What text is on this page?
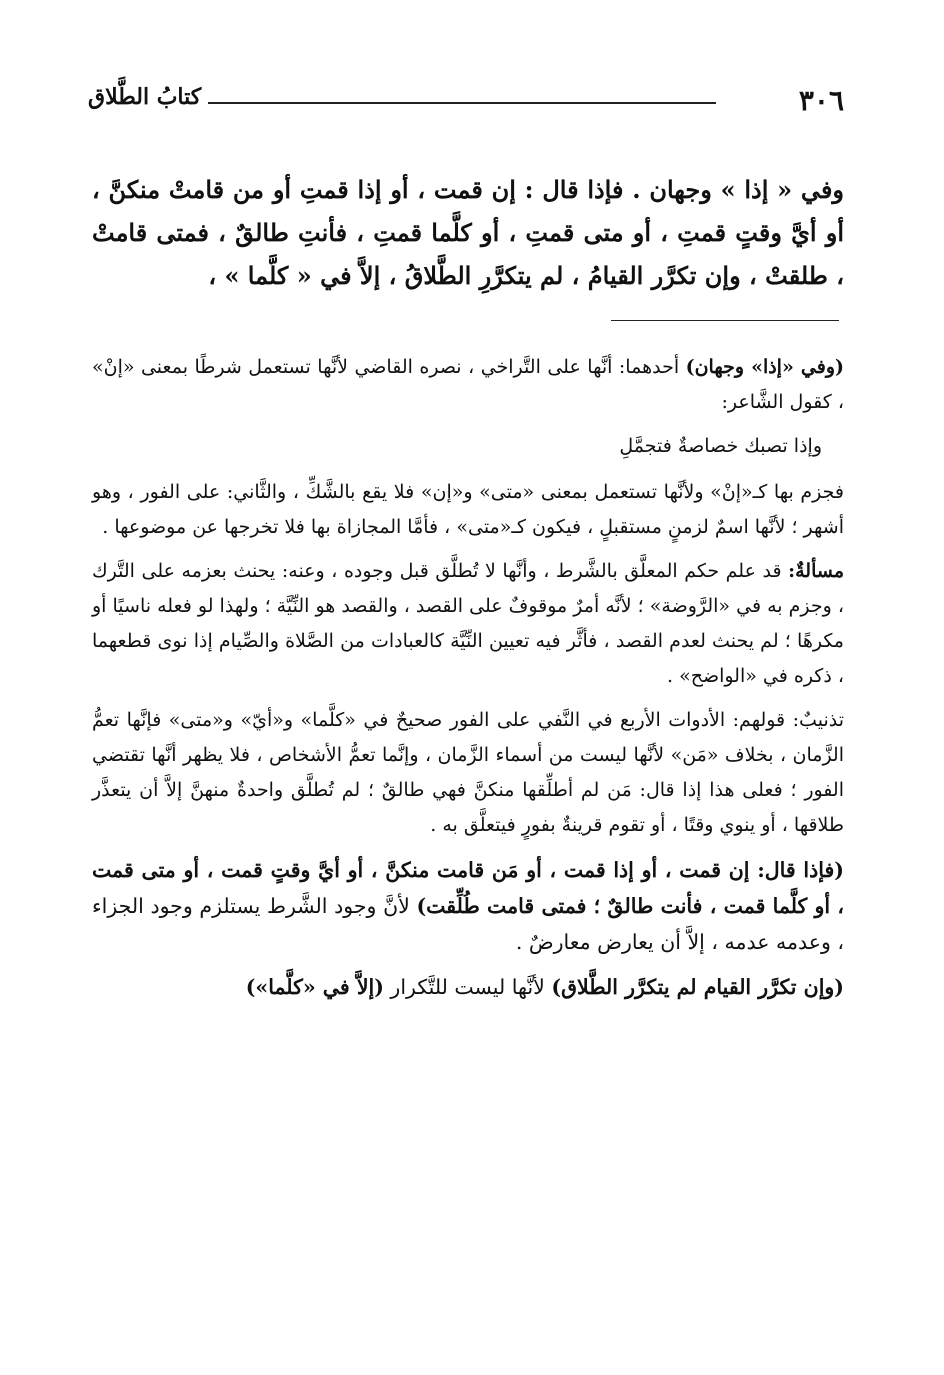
٣٠٦
كتابُ الطَّلاق

وفي « إذا » وجهان . فإذا قال : إن قمت ، أو إذا قمتِ أو من قامتْ منكنَّ ، أو أيَّ وقتٍ قمتِ ، أو متى قمتِ ، أو كلَّما قمتِ ، فأنتِ طالقٌ ، فمتى قامتْ ، طلقتْ ، وإن تكرَّر القيامُ ، لم يتكرَّرِ الطَّلاقُ ، إلاَّ في « كلَّما » ،

(وفي «إذا» وجهان) أحدهما: أنَّها على التَّراخي ، نصره القاضي لأنَّها تستعمل شرطًا بمعنى «إنْ» ، كقول الشَّاعر:

وإذا تصبك خصاصةٌ فتجمَّلِ

فجزم بها كـ«إنْ» ولأنَّها تستعمل بمعنى «متى» و«إن» فلا يقع بالشَّكِّ ، والثَّاني: على الفور ، وهو أشهر ؛ لأنَّها اسمٌ لزمنٍ مستقبلٍ ، فيكون كـ«متى» ، فأمَّا المجازاة بها فلا تخرجها عن موضوعها .

مسألةٌ: قد علم حكم المعلَّق بالشَّرط ، وأنَّها لا تُطلَّق قبل وجوده ، وعنه: يحنث بعزمه على التَّرك ، وجزم به في «الرَّوضة» ؛ لأنَّه أمرٌ موقوفٌ على القصد ، والقصد هو النِّيَّة ؛ ولهذا لو فعله ناسيًا أو مكرهًا ؛ لم يحنث لعدم القصد ، فأثَّر فيه تعيين النِّيَّة كالعبادات من الصَّلاة والصِّيام إذا نوى قطعهما ، ذكره في «الواضح» .

تذنيبٌ: قولهم: الأدوات الأربع في النَّفي على الفور صحيحٌ في «كلَّما» و«أيّ» و«متى» فإنَّها تعمُّ الزَّمان ، بخلاف «مَن» لأنَّها ليست من أسماء الزَّمان ، وإنَّما تعمُّ الأشخاص ، فلا يظهر أنَّها تقتضي الفور ؛ فعلى هذا إذا قال: مَن لم أطلِّقها منكنَّ فهي طالقٌ ؛ لم تُطلَّق واحدةٌ منهنَّ إلاَّ أن يتعذَّر طلاقها ، أو ينوي وقتًا ، أو تقوم قرينةٌ بفورٍ فيتعلَّق به .

(فإذا قال: إن قمت ، أو إذا قمت ، أو مَن قامت منكنَّ ، أو أيَّ وقتٍ قمت ، أو متى قمت ، أو كلَّما قمت ، فأنت طالقٌ ؛ فمتى قامت طُلِّقت) لأنَّ وجود الشَّرط يستلزم وجود الجزاء ، وعدمه عدمه ، إلاَّ أن يعارض معارضٌ .

(وإن تكرَّر القيام لم يتكرَّر الطَّلاق) لأنَّها ليست للتَّكرار (إلاَّ في «كلَّما»)
